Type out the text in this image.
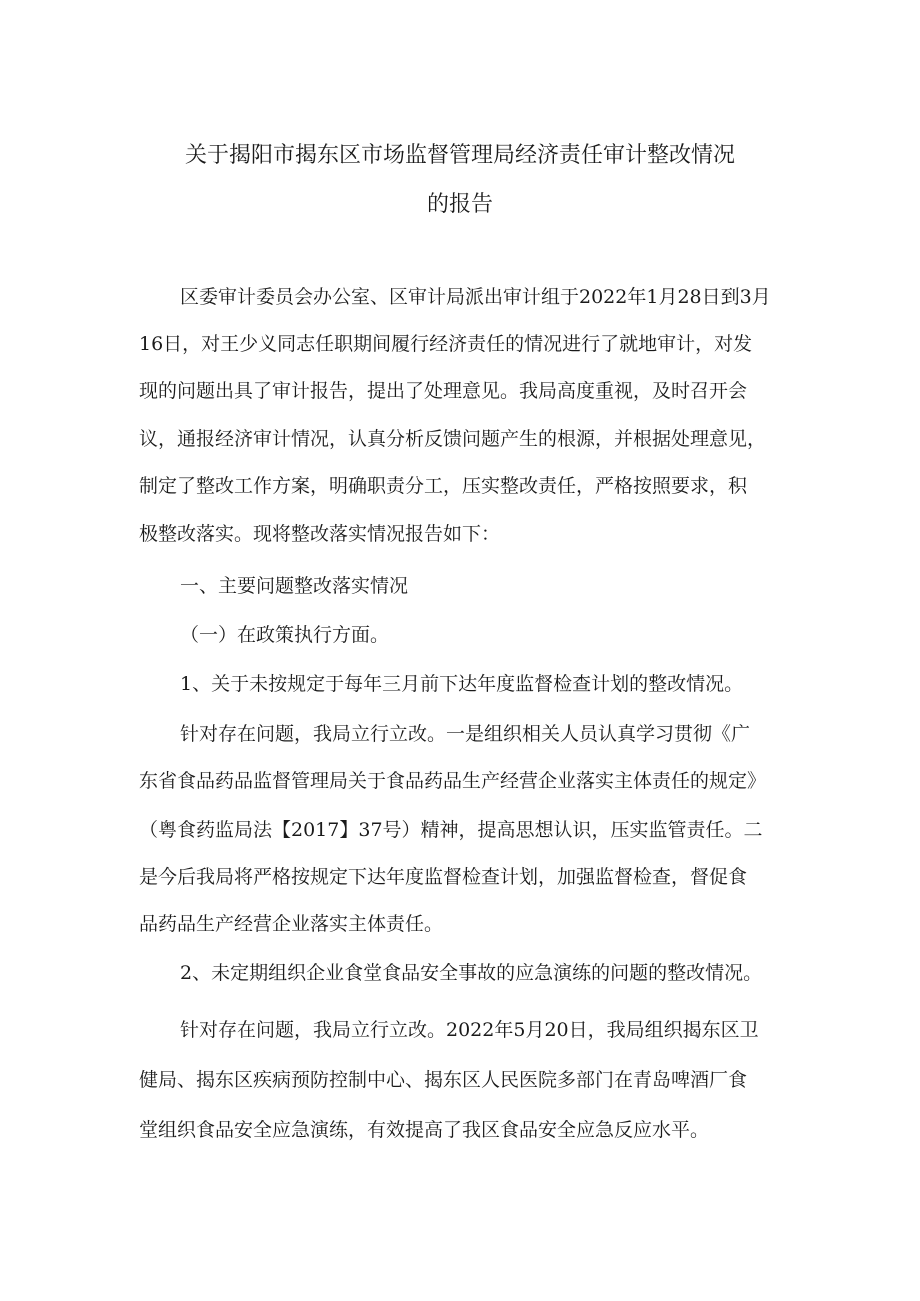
关于揭阳市揭东区市场监督管理局经济责任审计整改情况
的报告
区委审计委员会办公室、区审计局派出审计组于2022年1月28日到3月
16日，对王少义同志任职期间履行经济责任的情况进行了就地审计，对发
现的问题出具了审计报告，提出了处理意见。我局高度重视，及时召开会
议，通报经济审计情况，认真分析反馈问题产生的根源，并根据处理意见，
制定了整改工作方案，明确职责分工，压实整改责任，严格按照要求，积
极整改落实。现将整改落实情况报告如下：
一、主要问题整改落实情况
（一）在政策执行方面。
1、关于未按规定于每年三月前下达年度监督检查计划的整改情况。
针对存在问题，我局立行立改。一是组织相关人员认真学习贯彻《广
东省食品药品监督管理局关于食品药品生产经营企业落实主体责任的规定》
（粤食药监局法【2017】37号）精神，提高思想认识，压实监管责任。二
是今后我局将严格按规定下达年度监督检查计划，加强监督检查，督促食
品药品生产经营企业落实主体责任。
2、未定期组织企业食堂食品安全事故的应急演练的问题的整改情况。
针对存在问题，我局立行立改。2022年5月20日，我局组织揭东区卫
健局、揭东区疾病预防控制中心、揭东区人民医院多部门在青岛啤酒厂食
堂组织食品安全应急演练，有效提高了我区食品安全应急反应水平。
